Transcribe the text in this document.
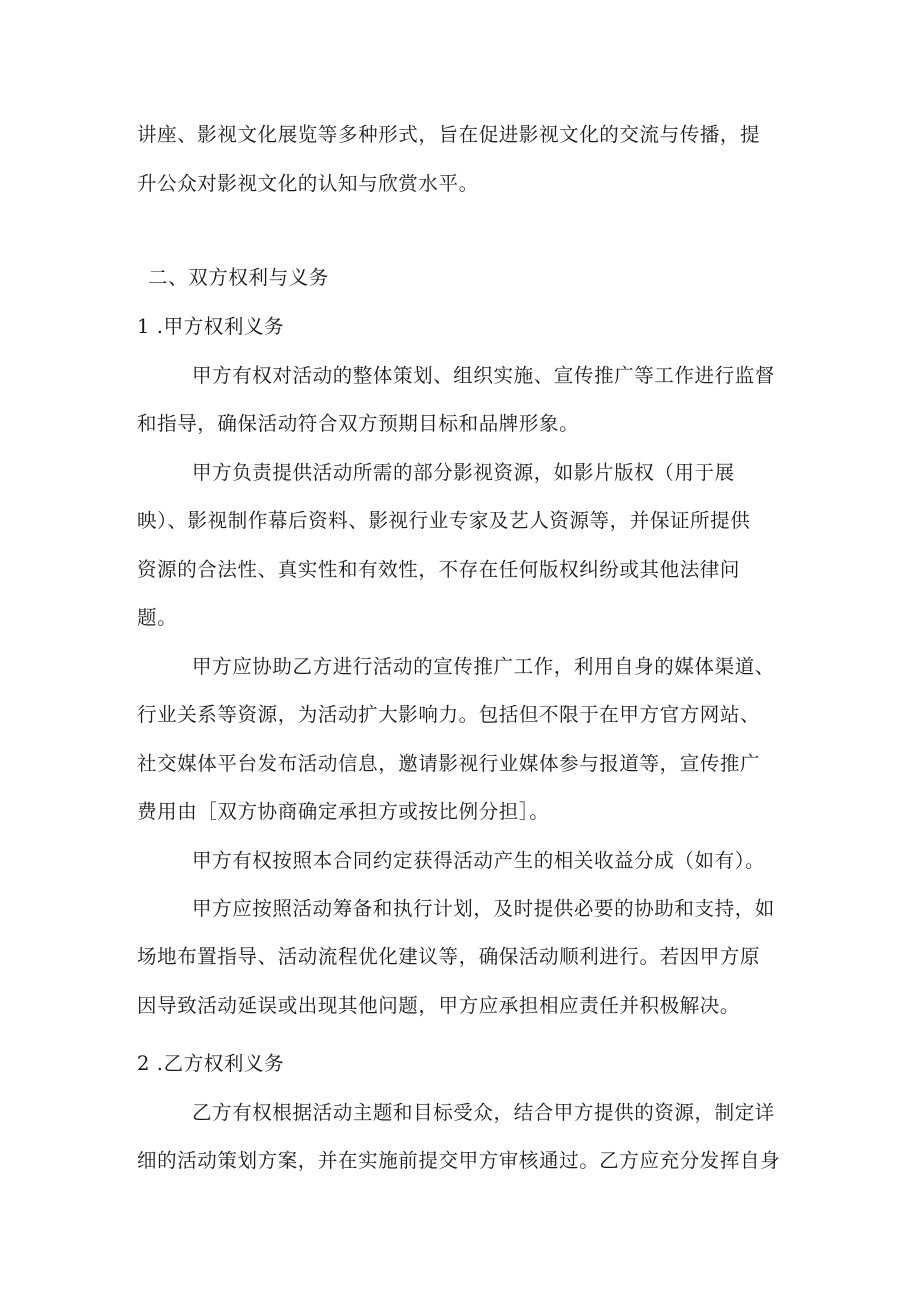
讲座、影视文化展览等多种形式，旨在促进影视文化的交流与传播，提
升公众对影视文化的认知与欣赏水平。
二、双方权利与义务
1 .甲方权利义务
甲方有权对活动的整体策划、组织实施、宣传推广等工作进行监督
和指导，确保活动符合双方预期目标和品牌形象。
甲方负责提供活动所需的部分影视资源，如影片版权（用于展
映）、影视制作幕后资料、影视行业专家及艺人资源等，并保证所提供
资源的合法性、真实性和有效性，不存在任何版权纠纷或其他法律问
题。
甲方应协助乙方进行活动的宣传推广工作，利用自身的媒体渠道、
行业关系等资源，为活动扩大影响力。包括但不限于在甲方官方网站、
社交媒体平台发布活动信息，邀请影视行业媒体参与报道等，宣传推广
费用由［双方协商确定承担方或按比例分担］。
甲方有权按照本合同约定获得活动产生的相关收益分成（如有）。
甲方应按照活动筹备和执行计划，及时提供必要的协助和支持，如
场地布置指导、活动流程优化建议等，确保活动顺利进行。若因甲方原
因导致活动延误或出现其他问题，甲方应承担相应责任并积极解决。
2 .乙方权利义务
乙方有权根据活动主题和目标受众，结合甲方提供的资源，制定详
细的活动策划方案，并在实施前提交甲方审核通过。乙方应充分发挥自身
